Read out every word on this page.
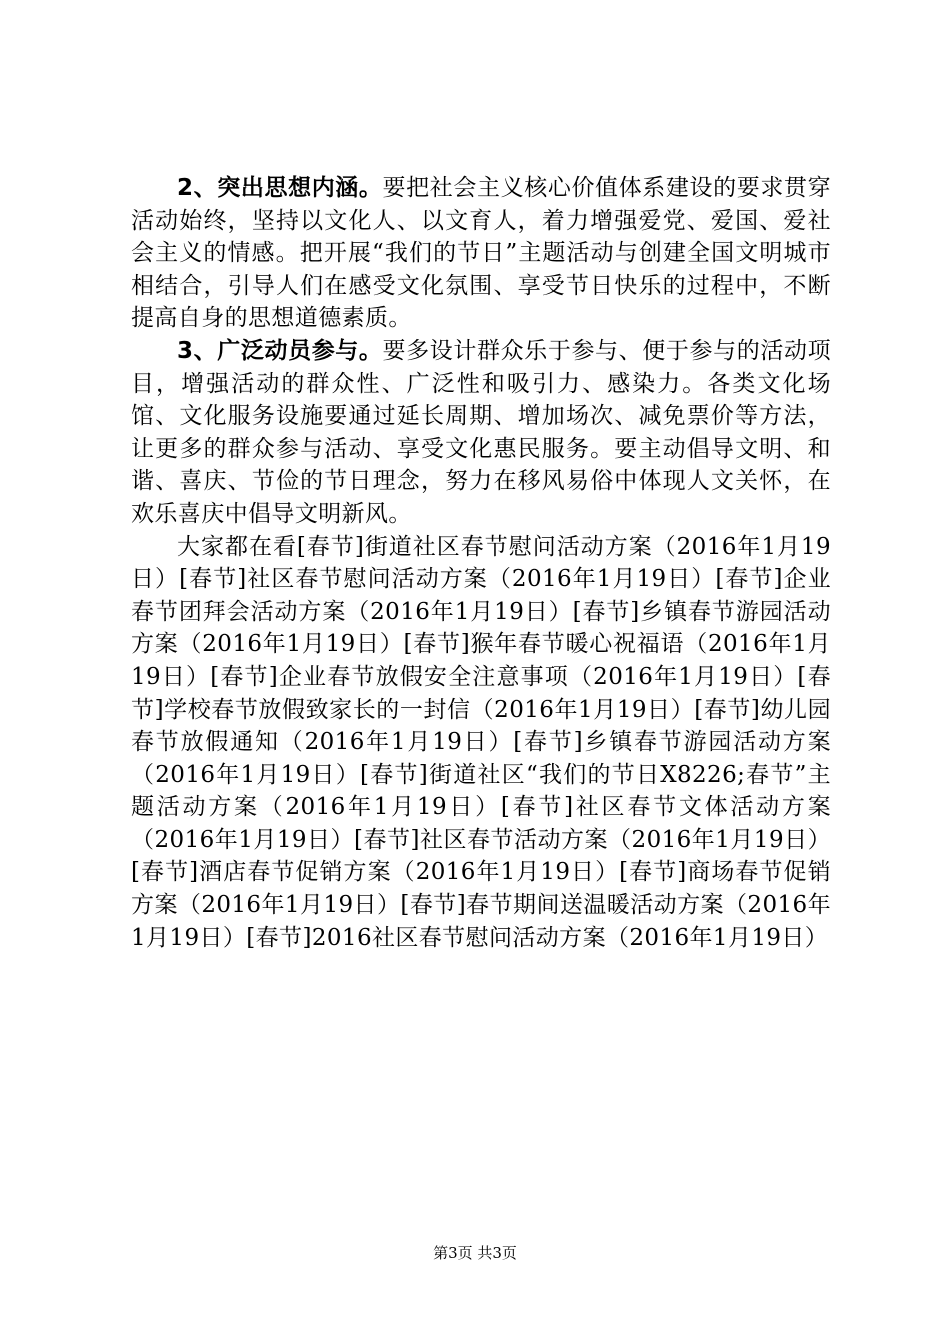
2、突出思想内涵。要把社会主义核心价值体系建设的要求贯穿活动始终，坚持以文化人、以文育人，着力增强爱党、爱国、爱社会主义的情感。把开展“我们的节日”主题活动与创建全国文明城市相结合，引导人们在感受文化氛围、享受节日快乐的过程中，不断提高自身的思想道德素质。

3、广泛动员参与。要多设计群众乐于参与、便于参与的活动项目，增强活动的群众性、广泛性和吸引力、感染力。各类文化场馆、文化服务设施要通过延长周期、增加场次、减免票价等方法，让更多的群众参与活动、享受文化惠民服务。要主动倡导文明、和谐、喜庆、节俭的节日理念，努力在移风易俗中体现人文关怀，在欢乐喜庆中倡导文明新风。

大家都在看[春节]街道社区春节慰问活动方案（2016年1月19日）[春节]社区春节慰问活动方案（2016年1月19日）[春节]企业春节团拜会活动方案（2016年1月19日）[春节]乡镇春节游园活动方案（2016年1月19日）[春节]猴年春节暖心祝福语（2016年1月19日）[春节]企业春节放假安全注意事项（2016年1月19日）[春节]学校春节放假致家长的一封信（2016年1月19日）[春节]幼儿园春节放假通知（2016年1月19日）[春节]乡镇春节游园活动方案（2016年1月19日）[春节]街道社区“我们的节日X8226;春节”主题活动方案（2016年1月19日）[春节]社区春节文体活动方案（2016年1月19日）[春节]社区春节活动方案（2016年1月19日）[春节]酒店春节促销方案（2016年1月19日）[春节]商场春节促销方案（2016年1月19日）[春节]春节期间送温暖活动方案（2016年1月19日）[春节]2016社区春节慰问活动方案（2016年1月19日）

第3页 共3页
